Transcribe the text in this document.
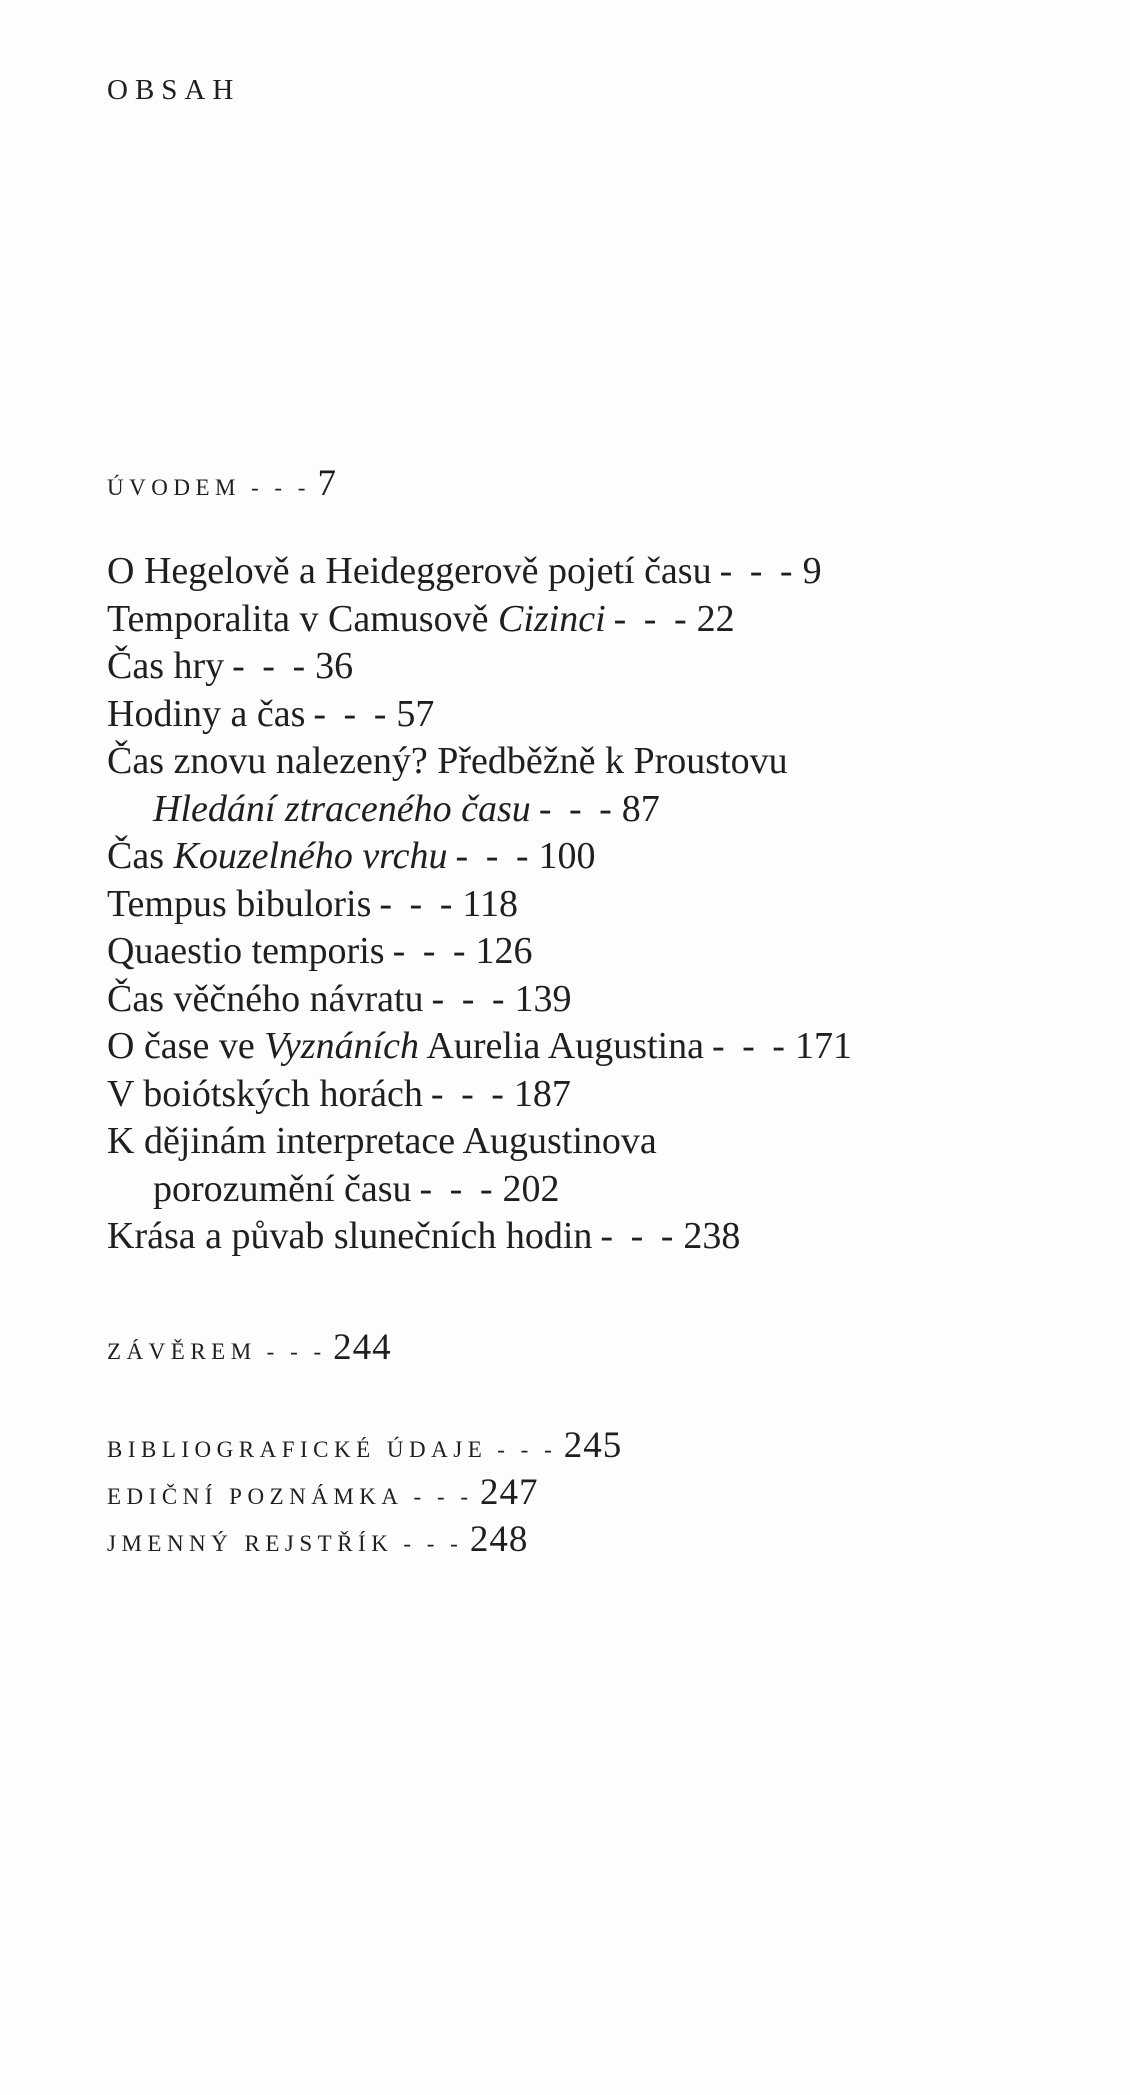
OBSAH
ÚVODEM - - - 7
O Hegelově a Heideggerově pojetí času - - - 9
Temporalita v Camusově Cizinci - - - 22
Čas hry - - - 36
Hodiny a čas - - - 57
Čas znovu nalezený? Předběžně k Proustovu
Hledání ztraceného času - - - 87
Čas Kouzelného vrchu - - - 100
Tempus bibuloris - - - 118
Quaestio temporis - - - 126
Čas věčného návratu - - - 139
O čase ve Vyznáních Aurelia Augustina - - - 171
V boiótských horách - - - 187
K dějinám interpretace Augustinova
porozumění času - - - 202
Krása a půvab slunečních hodin - - - 238
ZÁVĚREM - - - 244
BIBLIOGRAFICKÉ ÚDAJE - - - 245
EDIČNÍ POZNÁMKA - - - 247
JMENNÝ REJSTŘÍK - - - 248
